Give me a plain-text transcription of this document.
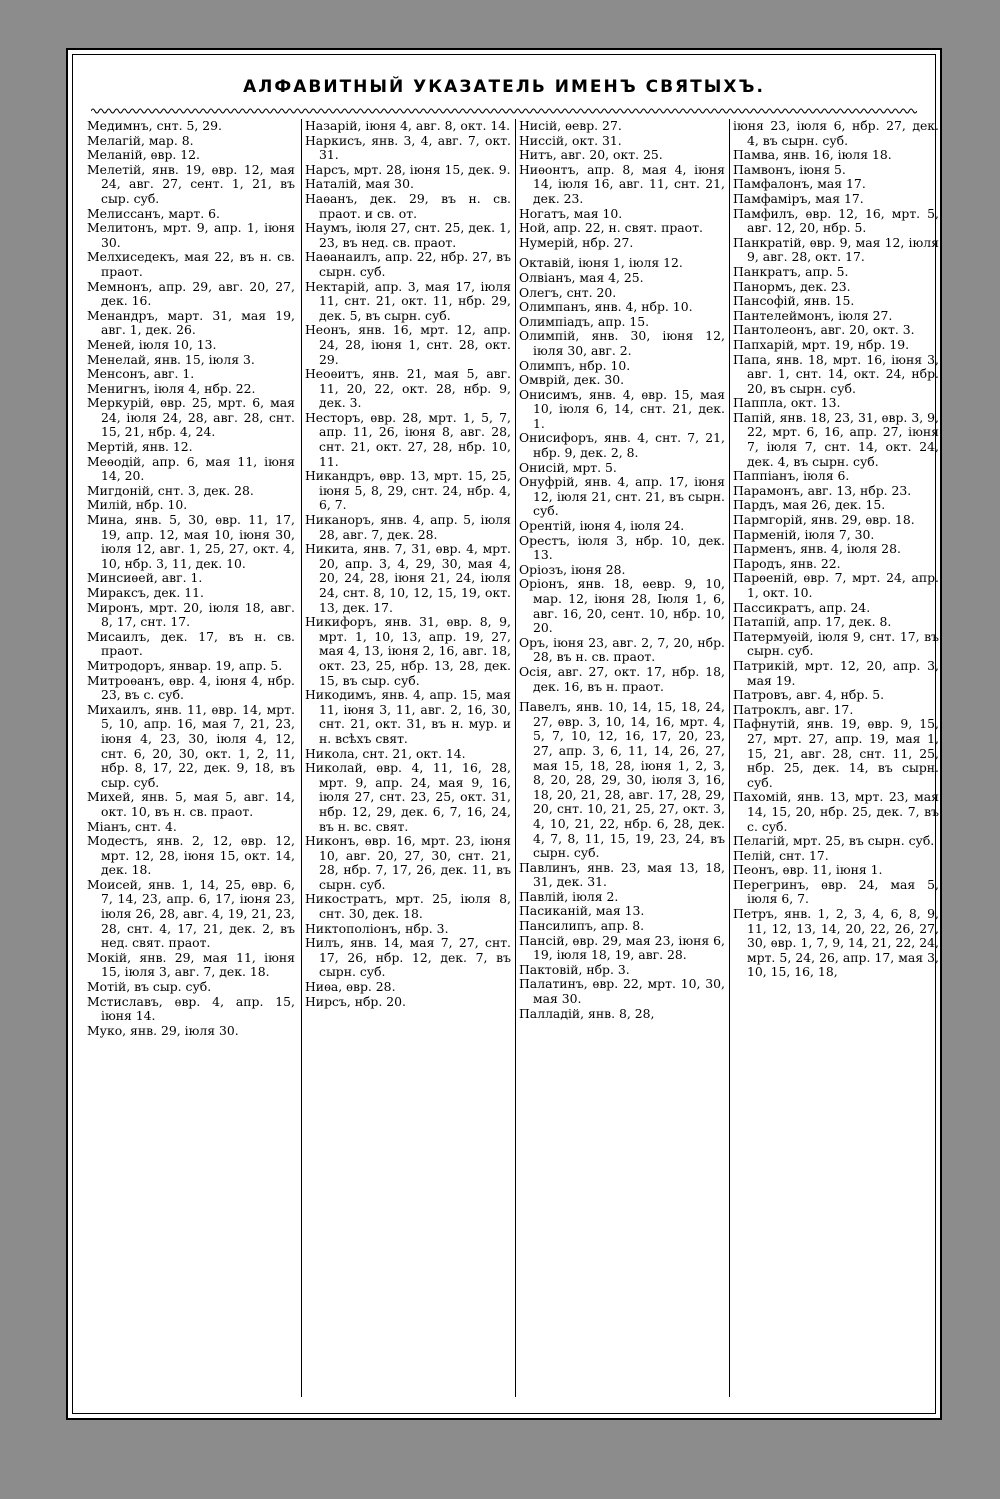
АЛФАВИТНЫЙ УКАЗАТЕЛЬ ИМЕНЪ СВЯТЫХЪ.
Медимнъ, снт. 5, 29.
Мелагій, мар. 8.
Меланій, ѳвр. 12.
Мелетій, янв. 19, ѳвр. 12, мая 24, авг. 27, сент. 1, 21, въ сыр. суб.
Мелиссанъ, март. 6.
Мелитонъ, мрт. 9, апр. 1, іюня 30.
Мелхиседекъ, мая 22, въ н. св. праот.
Мемнонъ, апр. 29, авг. 20, 27, дек. 16.
Менандръ, март. 31, мая 19, авг. 1, дек. 26.
Меней, іюля 10, 13.
Менелай, янв. 15, іюля 3.
Менсонъ, авг. 1.
Менигнъ, іюля 4, нбр. 22.
Меркурій, ѳвр. 25, мрт. 6, мая 24, іюля 24, 28, авг. 28, снт. 15, 21, нбр. 4, 24.
Мертій, янв. 12.
Меѳодій, апр. 6, мая 11, іюня 14, 20.
Мигдоній, снт. 3, дек. 28.
Милій, нбр. 10.
Мина, янв. 5, 30, ѳвр. 11, 17, 19, апр. 12, мая 10, іюня 30, іюля 12, авг. 1, 25, 27, окт. 4, 10, нбр. 3, 11, дек. 10.
Минсиѳей, авг. 1.
Мираксъ, дек. 11.
Миронъ, мрт. 20, іюля 18, авг. 8, 17, снт. 17.
Мисаилъ, дек. 17, въ н. св. праот.
Митродоръ, январ. 19, апр. 5.
Митроѳанъ, ѳвр. 4, іюня 4, нбр. 23, въ с. суб.
Михаилъ, янв. 11, ѳвр. 14, мрт. 5, 10, апр. 16, мая 7, 21, 23, іюня 4, 23, 30, іюля 4, 12, снт. 6, 20, 30, окт. 1, 2, 11, нбр. 8, 17, 22, дек. 9, 18, въ сыр. суб.
Михей, янв. 5, мая 5, авг. 14, окт. 10, въ н. св. праот.
Міанъ, снт. 4.
Модестъ, янв. 2, 12, ѳвр. 12, мрт. 12, 28, іюня 15, окт. 14, дек. 18.
Моисей, янв. 1, 14, 25, ѳвр. 6, 7, 14, 23, апр. 6, 17, іюня 23, іюля 26, 28, авг. 4, 19, 21, 23, 28, снт. 4, 17, 21, дек. 2, въ нед. свят. праот.
Мокій, янв. 29, мая 11, іюня 15, іюля 3, авг. 7, дек. 18.
Мотій, въ сыр. суб.
Мстиславъ, ѳвр. 4, апр. 15, іюня 14.
Муко, янв. 29, іюля 30.
Назарій, іюня 4, авг. 8, окт. 14.
Наркисъ, янв. 3, 4, авг. 7, окт. 31.
Нарсъ, мрт. 28, іюня 15, дек. 9.
Наталій, мая 30.
Наѳанъ, дек. 29, въ н. св. праот. и св. от.
Наумъ, іюля 27, снт. 25, дек. 1, 23, въ нед. св. праот.
Наѳанаилъ, апр. 22, нбр. 27, въ сырн. суб.
Нектарій, апр. 3, мая 17, іюля 11, снт. 21, окт. 11, нбр. 29, дек. 5, въ сырн. суб.
Неонъ, янв. 16, мрт. 12, апр. 24, 28, іюня 1, снт. 28, окт. 29.
Неоѳитъ, янв. 21, мая 5, авг. 11, 20, 22, окт. 28, нбр. 9, дек. 3.
Несторъ, ѳвр. 28, мрт. 1, 5, 7, апр. 11, 26, іюня 8, авг. 28, снт. 21, окт. 27, 28, нбр. 10, 11.
Никандръ, ѳвр. 13, мрт. 15, 25, іюня 5, 8, 29, снт. 24, нбр. 4, 6, 7.
Никаноръ, янв. 4, апр. 5, іюля 28, авг. 7, дек. 28.
Никита, янв. 7, 31, ѳвр. 4, мрт. 20, апр. 3, 4, 29, 30, мая 4, 20, 24, 28, іюня 21, 24, іюля 24, снт. 8, 10, 12, 15, 19, окт. 13, дек. 17.
Никифоръ, янв. 31, ѳвр. 8, 9, мрт. 1, 10, 13, апр. 19, 27, мая 4, 13, іюня 2, 16, авг. 18, окт. 23, 25, нбр. 13, 28, дек. 15, въ сыр. суб.
Никодимъ, янв. 4, апр. 15, мая 11, іюня 3, 11, авг. 2, 16, 30, снт. 21, окт. 31, въ н. мур. и н. всѣхъ свят.
Никола, снт. 21, окт. 14.
Николай, ѳвр. 4, 11, 16, 28, мрт. 9, апр. 24, мая 9, 16, іюля 27, снт. 23, 25, окт. 31, нбр. 12, 29, дек. 6, 7, 16, 24, въ н. вс. свят.
Никонъ, ѳвр. 16, мрт. 23, іюня 10, авг. 20, 27, 30, снт. 21, 28, нбр. 7, 17, 26, дек. 11, въ сырн. суб.
Никостратъ, мрт. 25, іюля 8, снт. 30, дек. 18.
Никтополіонъ, нбр. 3.
Нилъ, янв. 14, мая 7, 27, снт. 17, 26, нбр. 12, дек. 7, въ сырн. суб.
Ниѳа, ѳвр. 28.
Нирсъ, нбр. 20.
Нисій, ѳевр. 27.
Ниссій, окт. 31.
Нитъ, авг. 20, окт. 25.
Ниѳонтъ, апр. 8, мая 4, іюня 14, іюля 16, авг. 11, снт. 21, дек. 23.
Ногатъ, мая 10.
Ной, апр. 22, н. свят. праот.
Нумерій, нбр. 27.
Октавій, іюня 1, іюля 12.
Олвіанъ, мая 4, 25.
Олегъ, снт. 20.
Олимпанъ, янв. 4, нбр. 10.
Олимпіадъ, апр. 15.
Олимпій, янв. 30, іюня 12, іюля 30, авг. 2.
Олимпъ, нбр. 10.
Омврій, дек. 30.
Онисимъ, янв. 4, ѳвр. 15, мая 10, іюля 6, 14, снт. 21, дек. 1.
Онисифоръ, янв. 4, снт. 7, 21, нбр. 9, дек. 2, 8.
Онисій, мрт. 5.
Онуфрій, янв. 4, апр. 17, іюня 12, іюля 21, снт. 21, въ сырн. суб.
Орентій, іюня 4, іюля 24.
Орестъ, іюля 3, нбр. 10, дек. 13.
Оріозъ, іюня 28.
Оріонъ, янв. 18, ѳевр. 9, 10, мар. 12, іюня 28, Іюля 1, 6, авг. 16, 20, сент. 10, нбр. 10, 20.
Оръ, іюня 23, авг. 2, 7, 20, нбр. 28, въ н. св. праот.
Осія, авг. 27, окт. 17, нбр. 18, дек. 16, въ н. праот.
Павелъ, янв. 10, 14, 15, 18, 24, 27, ѳвр. 3, 10, 14, 16, мрт. 4, 5, 7, 10, 12, 16, 17, 20, 23, 27, апр. 3, 6, 11, 14, 26, 27, мая 15, 18, 28, іюня 1, 2, 3, 8, 20, 28, 29, 30, іюля 3, 16, 18, 20, 21, 28, авг. 17, 28, 29, 20, снт. 10, 21, 25, 27, окт. 3, 4, 10, 21, 22, нбр. 6, 28, дек. 4, 7, 8, 11, 15, 19, 23, 24, въ сырн. суб.
Павлинъ, янв. 23, мая 13, 18, 31, дек. 31.
Павлій, іюля 2.
Пасиканій, мая 13.
Пансилипъ, апр. 8.
Пансій, ѳвр. 29, мая 23, іюня 6, 19, іюля 18, 19, авг. 28.
Пактовій, нбр. 3.
Палатинъ, ѳвр. 22, мрт. 10, 30, мая 30.
Палладій, янв. 8, 28,
іюня 23, іюля 6, нбр. 27, дек. 4, въ сырн. суб.
Памва, янв. 16, іюля 18.
Памвонъ, іюня 5.
Памфалонъ, мая 17.
Памфаміръ, мая 17.
Памфилъ, ѳвр. 12, 16, мрт. 5, авг. 12, 20, нбр. 5.
Панкратій, ѳвр. 9, мая 12, іюля 9, авг. 28, окт. 17.
Панкратъ, апр. 5.
Панормъ, дек. 23.
Пансофій, янв. 15.
Пантелеймонъ, іюля 27.
Пантолеонъ, авг. 20, окт. 3.
Папхарій, мрт. 19, нбр. 19.
Папа, янв. 18, мрт. 16, іюня 3, авг. 1, снт. 14, окт. 24, нбр. 20, въ сырн. суб.
Паппла, окт. 13.
Папій, янв. 18, 23, 31, ѳвр. 3, 9, 22, мрт. 6, 16, апр. 27, іюня 7, іюля 7, снт. 14, окт. 24, дек. 4, въ сырн. суб.
Паппіанъ, іюля 6.
Парамонъ, авг. 13, нбр. 23.
Пардъ, мая 26, дек. 15.
Пармгорій, янв. 29, ѳвр. 18.
Парменій, іюля 7, 30.
Парменъ, янв. 4, іюля 28.
Пародъ, янв. 22.
Парѳеній, ѳвр. 7, мрт. 24, апр. 1, окт. 10.
Пассикратъ, апр. 24.
Патапій, апр. 17, дек. 8.
Патермуѳій, іюля 9, снт. 17, въ сырн. суб.
Патрикій, мрт. 12, 20, апр. 3, мая 19.
Патровъ, авг. 4, нбр. 5.
Патроклъ, авг. 17.
Пафнутій, янв. 19, ѳвр. 9, 15, 27, мрт. 27, апр. 19, мая 1, 15, 21, авг. 28, снт. 11, 25, нбр. 25, дек. 14, въ сырн. суб.
Пахомій, янв. 13, мрт. 23, мая 14, 15, 20, нбр. 25, дек. 7, въ с. суб.
Пелагій, мрт. 25, въ сырн. суб.
Пелій, снт. 17.
Пеонъ, ѳвр. 11, іюня 1.
Перегринъ, ѳвр. 24, мая 5, іюля 6, 7.
Петръ, янв. 1, 2, 3, 4, 6, 8, 9, 11, 12, 13, 14, 20, 22, 26, 27, 30, ѳвр. 1, 7, 9, 14, 21, 22, 24, мрт. 5, 24, 26, апр. 17, мая 3, 10, 15, 16, 18,
